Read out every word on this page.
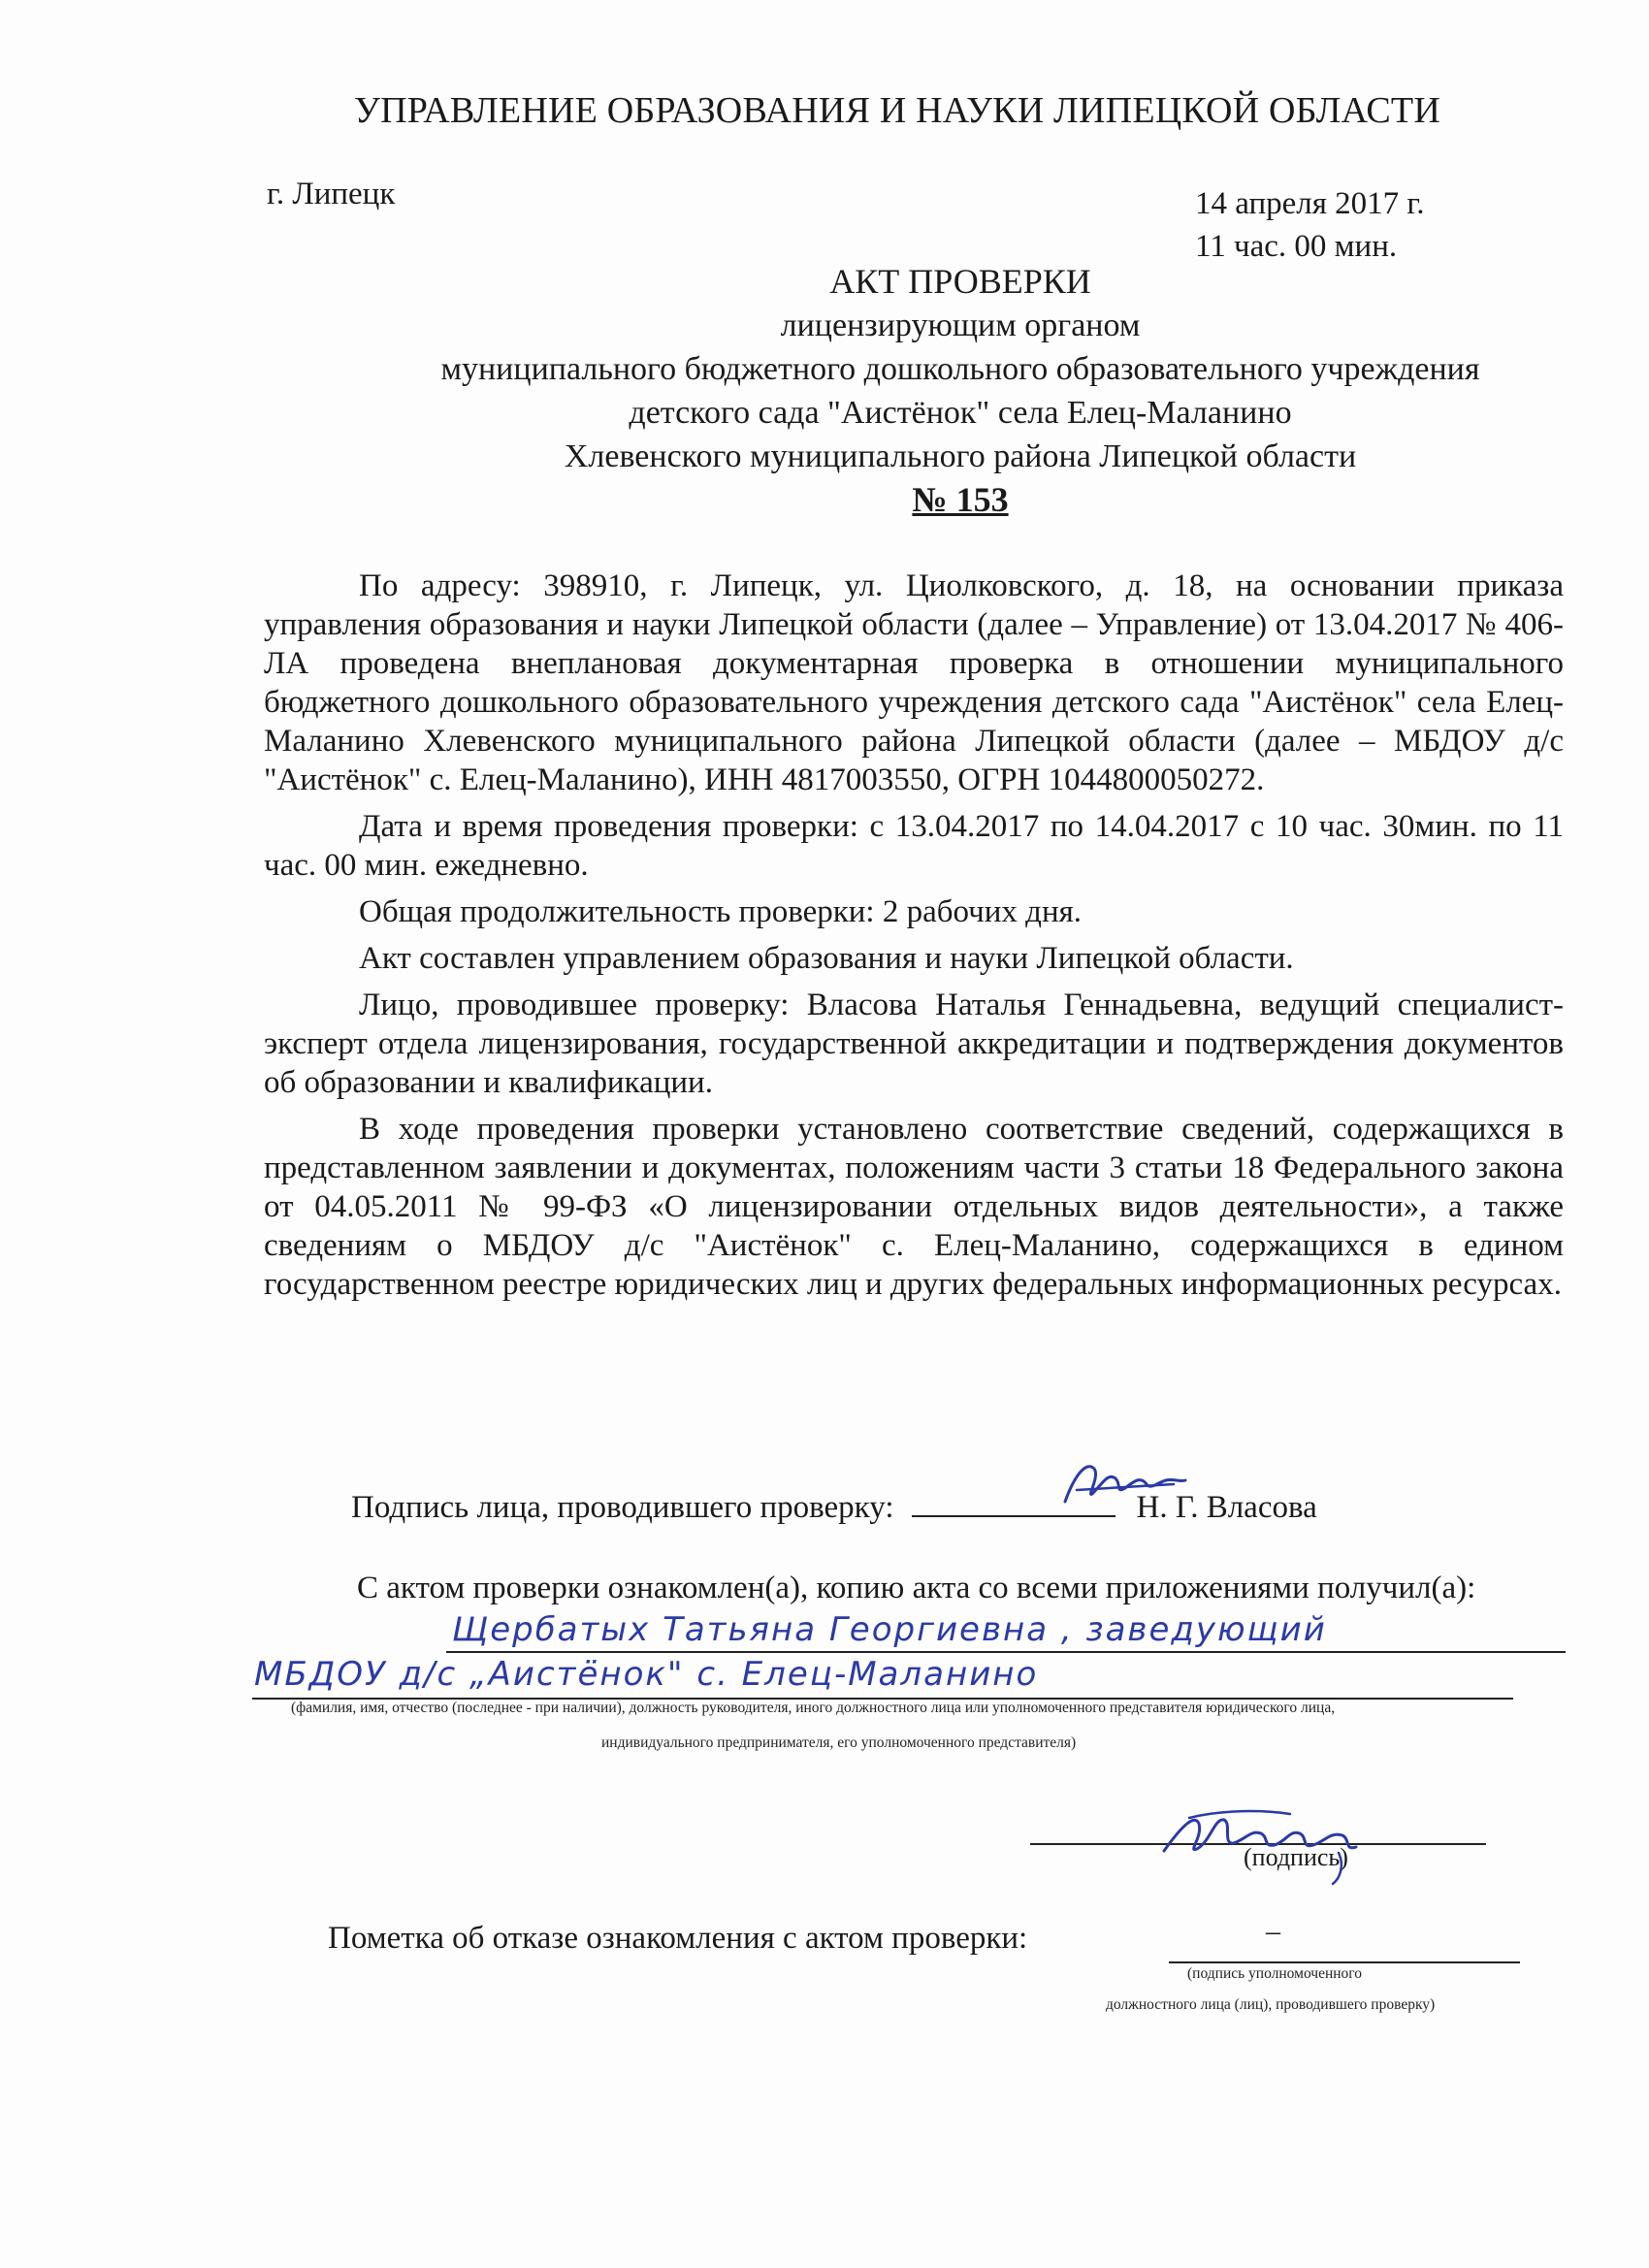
УПРАВЛЕНИЕ ОБРАЗОВАНИЯ И НАУКИ ЛИПЕЦКОЙ ОБЛАСТИ
г. Липецк	14 апреля 2017 г.
11 час. 00 мин.
АКТ ПРОВЕРКИ
лицензирующим органом
муниципального бюджетного дошкольного образовательного учреждения
детского сада "Аистёнок" села Елец-Маланино
Хлевенского муниципального района Липецкой области
№ 153

По адресу: 398910, г. Липецк, ул. Циолковского, д. 18, на основании приказа управления образования и науки Липецкой области (далее – Управление) от 13.04.2017 № 406-ЛА проведена внеплановая документарная проверка в отношении муниципального бюджетного дошкольного образовательного учреждения детского сада "Аистёнок" села Елец-Маланино Хлевенского муниципального района Липецкой области (далее – МБДОУ д/с "Аистёнок" с. Елец-Маланино), ИНН 4817003550, ОГРН 1044800050272.

Дата и время проведения проверки: с 13.04.2017 по 14.04.2017 с 10 час. 30мин. по 11 час. 00 мин. ежедневно.

Общая продолжительность проверки: 2 рабочих дня.

Акт составлен управлением образования и науки Липецкой области.

Лицо, проводившее проверку: Власова Наталья Геннадьевна, ведущий специалист-эксперт отдела лицензирования, государственной аккредитации и подтверждения документов об образовании и квалификации.

В ходе проведения проверки установлено соответствие сведений, содержащихся в представленном заявлении и документах, положениям части 3 статьи 18 Федерального закона от 04.05.2011 № 99-ФЗ «О лицензировании отдельных видов деятельности», а также сведениям о МБДОУ д/с "Аистёнок" с. Елец-Маланино, содержащихся в едином государственном реестре юридических лиц и других федеральных информационных ресурсах.

Подпись лица, проводившего проверку:	Н. Г. Власова
С актом проверки ознакомлен(а), копию акта со всеми приложениями получил(а):
Щербатых Татьяна Георгиевна , заведующий
МБДОУ д/с „Аистёнок" с. Елец-Маланино
(фамилия, имя, отчество (последнее - при наличии), должность руководителя, иного должностного лица или уполномоченного представителя юридического лица,
индивидуального предпринимателя, его уполномоченного представителя)
(подпись)
Пометка об отказе ознакомления с актом проверки:	–
(подпись уполномоченного
должностного лица (лиц), проводившего проверку)
